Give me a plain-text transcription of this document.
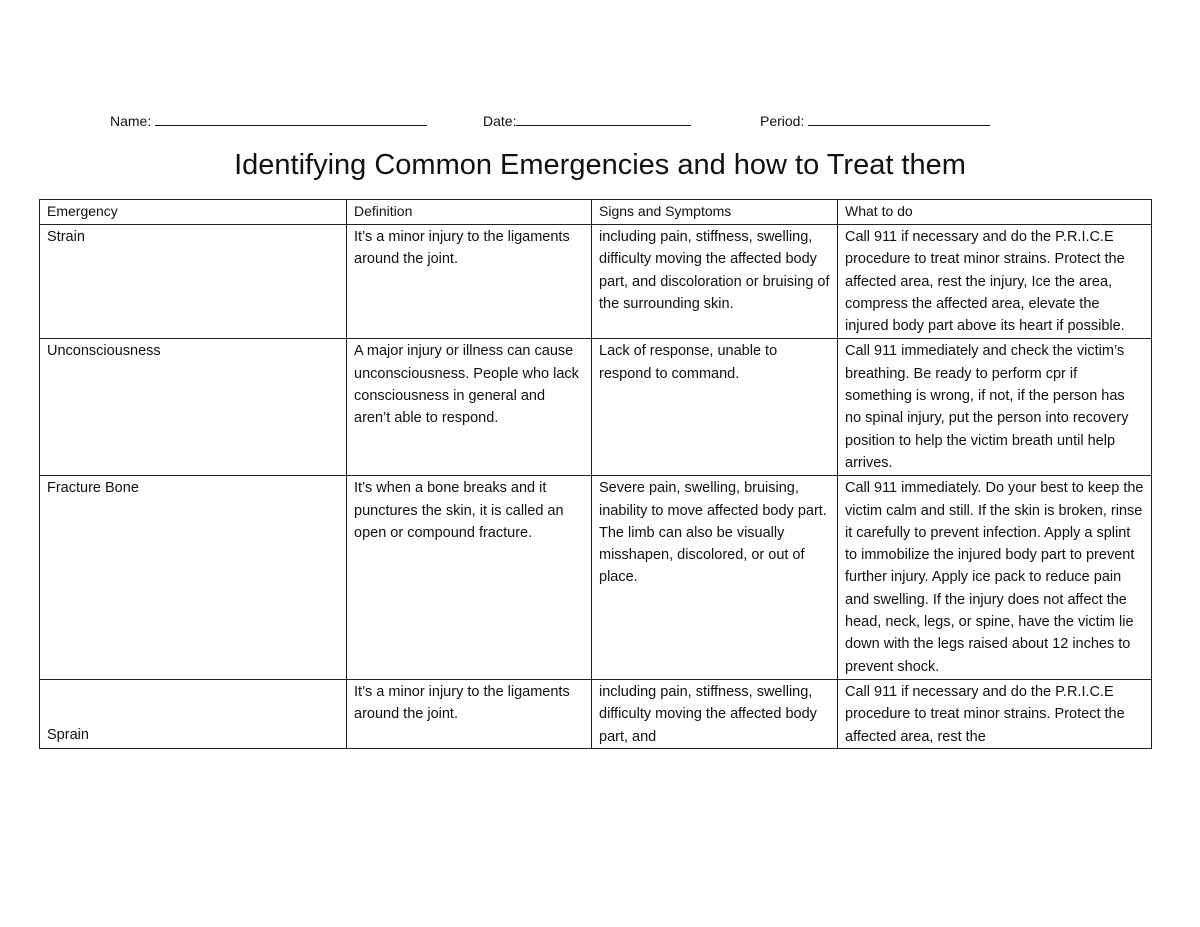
Name:	Date:	Period:
Identifying Common Emergencies and how to Treat them
Emergency	Definition	Signs and Symptoms	What to do
Strain	It’s a minor injury to the ligaments around the joint.	including pain, stiffness, swelling, difficulty moving the affected body part, and discoloration or bruising of the surrounding skin.	Call 911 if necessary and do the P.R.I.C.E procedure to treat minor strains. Protect the affected area, rest the injury, Ice the area, compress the affected area, elevate the injured body part above its heart if possible.
Unconsciousness	A major injury or illness can cause unconsciousness. People who lack consciousness in general and aren’t able to respond.	Lack of response, unable to respond to command.	Call 911 immediately and check the victim’s breathing. Be ready to perform cpr if something is wrong, if not, if the person has no spinal injury, put the person into recovery position to help the victim breath until help arrives.
Fracture Bone	It’s when a bone breaks and it punctures the skin, it is called an open or compound fracture.	Severe pain, swelling, bruising, inability to move affected body part. The limb can also be visually misshapen, discolored, or out of place.	Call 911 immediately. Do your best to keep the victim calm and still. If the skin is broken, rinse it carefully to prevent infection. Apply a splint to immobilize the injured body part to prevent further injury. Apply ice pack to reduce pain and swelling. If the injury does not affect the head, neck, legs, or spine, have the victim lie down with the legs raised about 12 inches to prevent shock.
Sprain	It’s a minor injury to the ligaments around the joint.	including pain, stiffness, swelling, difficulty moving the affected body part, and	Call 911 if necessary and do the P.R.I.C.E procedure to treat minor strains. Protect the affected area, rest the
